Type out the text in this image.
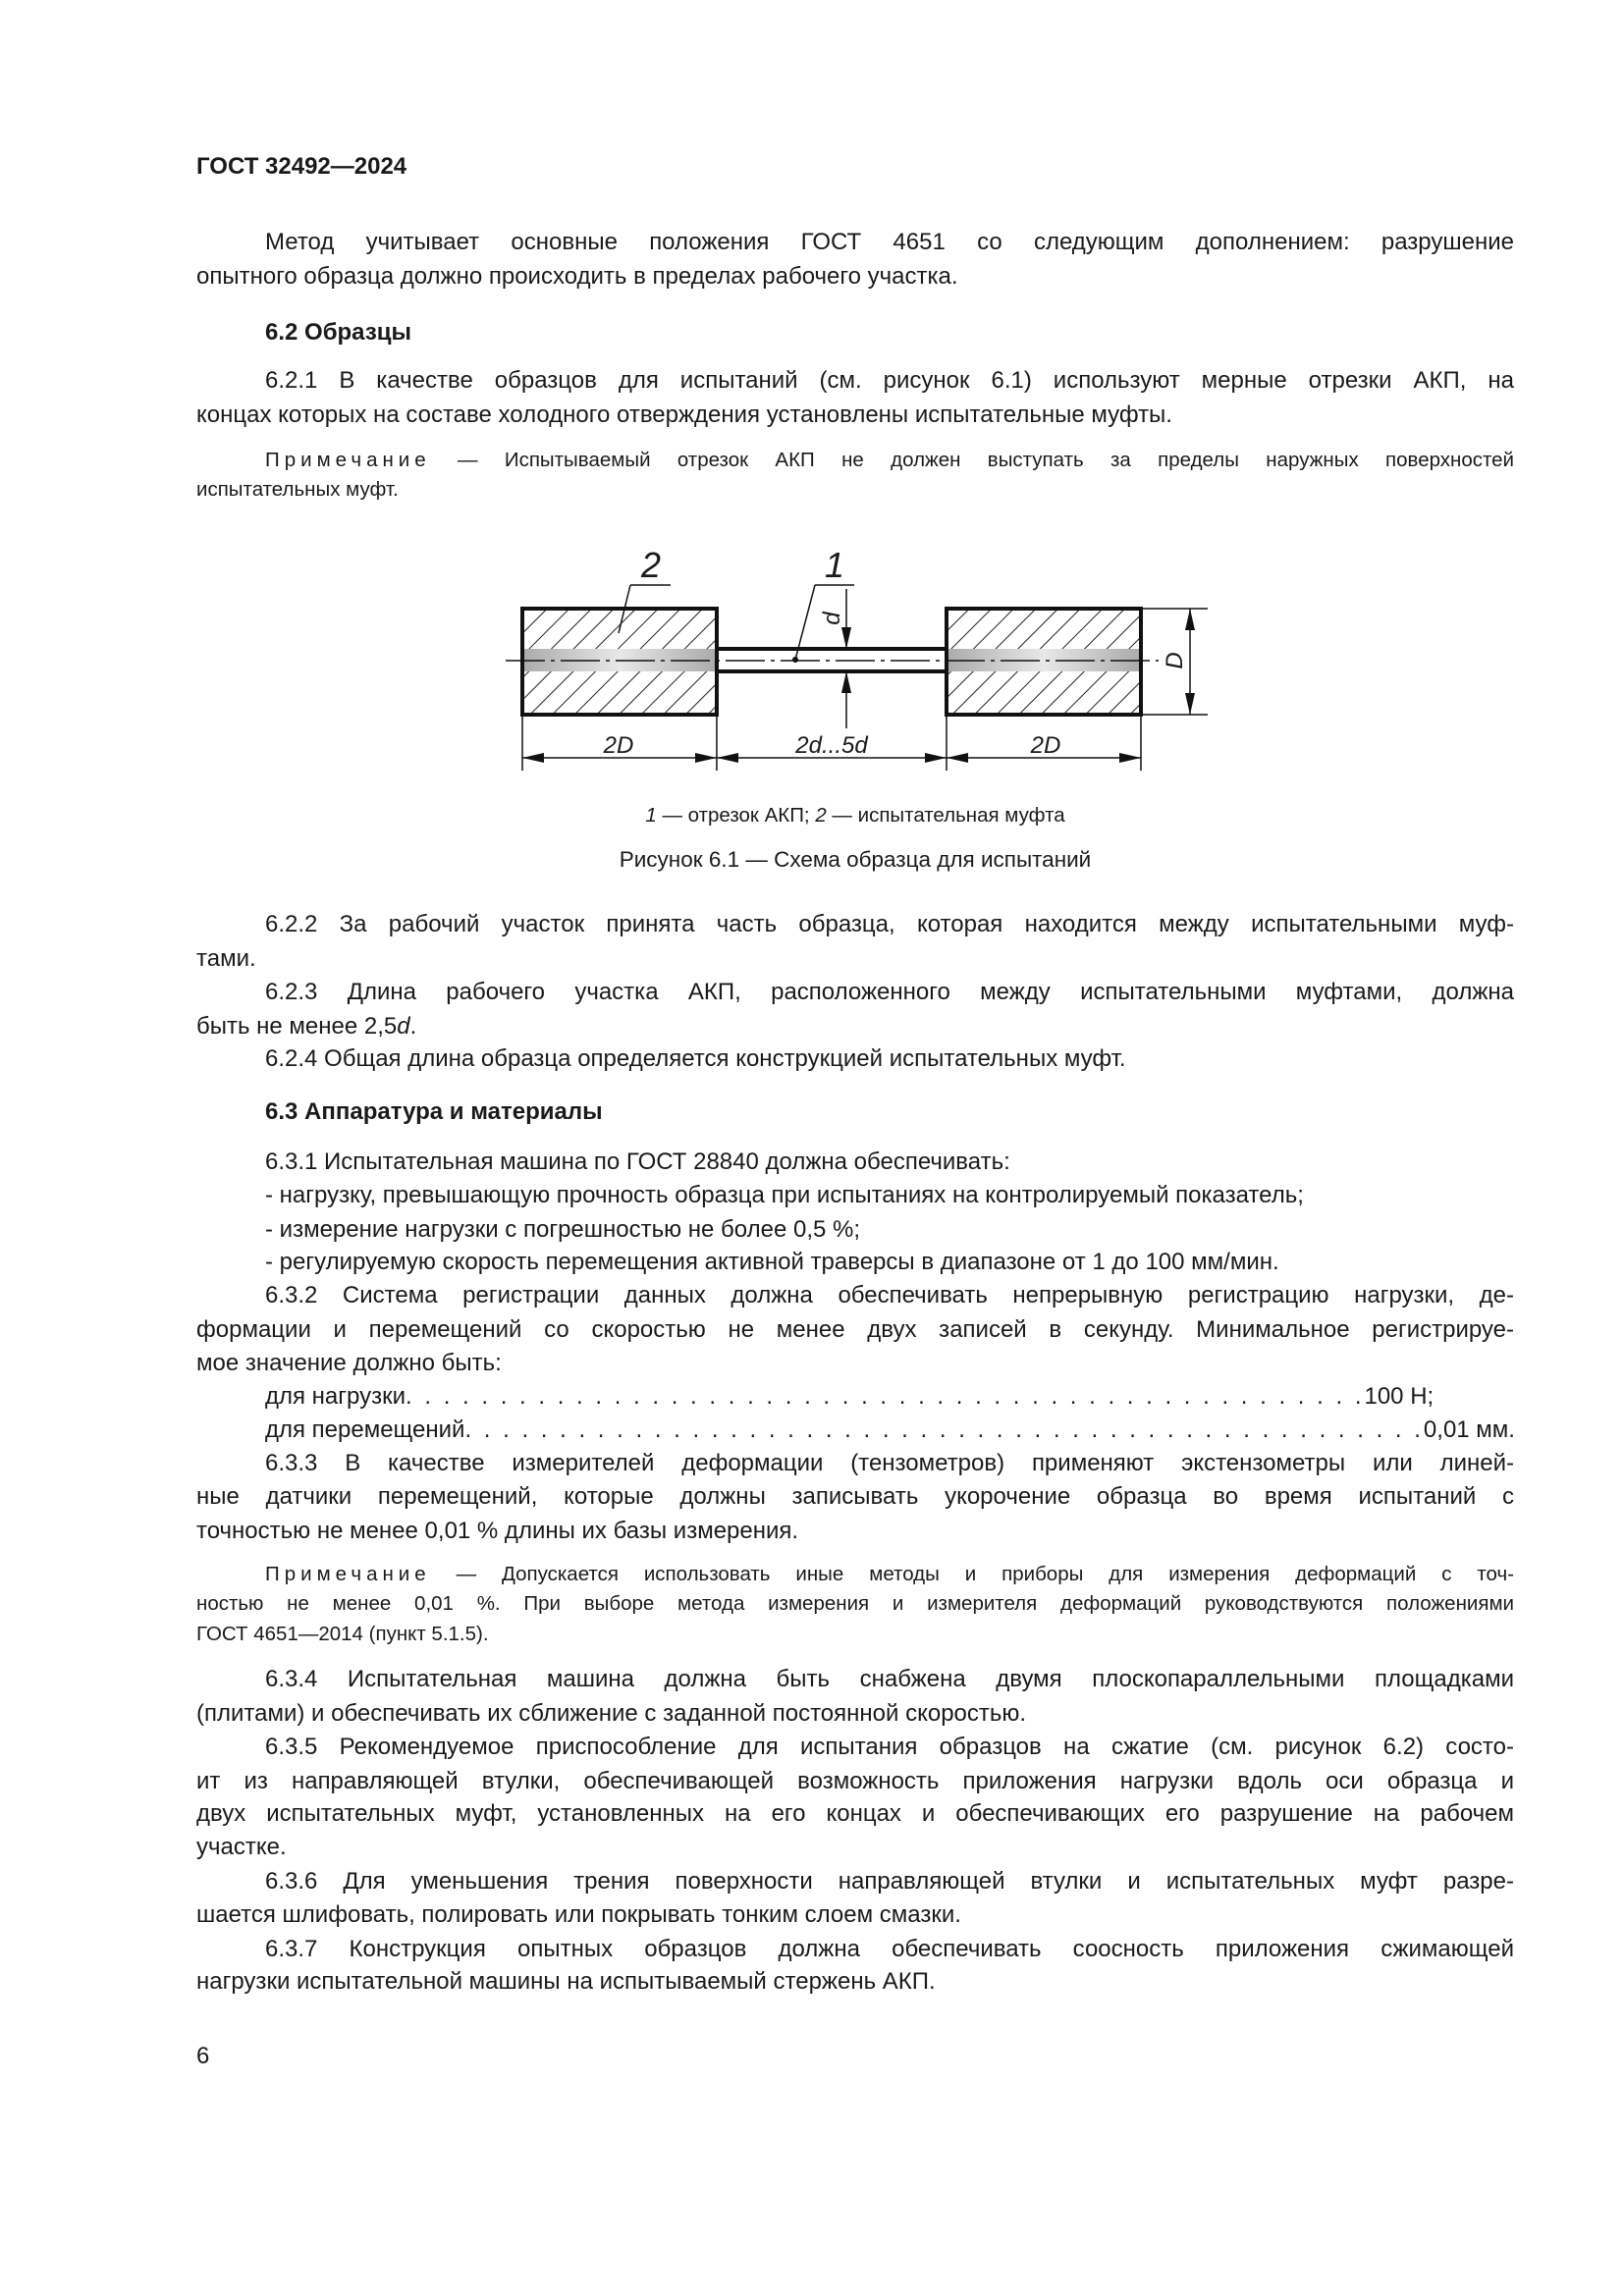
ГОСТ 32492—2024
Метод учитывает основные положения ГОСТ 4651 со следующим дополнением: разрушение
опытного образца должно происходить в пределах рабочего участка.
6.2 Образцы
6.2.1 В качестве образцов для испытаний (см. рисунок 6.1) используют мерные отрезки АКП, на
концах которых на составе холодного отверждения установлены испытательные муфты.
Примечание — Испытываемый отрезок АКП не должен выступать за пределы наружных поверхностей
испытательных муфт.
2	1
2D	2d...5d	2D
D
d
1 — отрезок АКП; 2 — испытательная муфта
Рисунок 6.1 — Схема образца для испытаний
6.2.2 За рабочий участок принята часть образца, которая находится между испытательными муф-
тами.
6.2.3 Длина рабочего участка АКП, расположенного между испытательными муфтами, должна
быть не менее 2,5d.
6.2.4 Общая длина образца определяется конструкцией испытательных муфт.
6.3 Аппаратура и материалы
6.3.1 Испытательная машина по ГОСТ 28840 должна обеспечивать:
- нагрузку, превышающую прочность образца при испытаниях на контролируемый показатель;
- измерение нагрузки с погрешностью не более 0,5 %;
- регулируемую скорость перемещения активной траверсы в диапазоне от 1 до 100 мм/мин.
6.3.2 Система регистрации данных должна обеспечивать непрерывную регистрацию нагрузки, де-
формации и перемещений со скоростью не менее двух записей в секунду. Минимальное регистрируе-
мое значение должно быть:
для нагрузки . . . . . . . . . . . . . . . . . . . . . . . . . . . . . . . . . . . . . . . . . . . . . . . . . . . 100 Н;
для перемещений . . . . . . . . . . . . . . . . . . . . . . . . . . . . . . . . . . . . . . . . . . . . . . . . . . . 0,01 мм.
6.3.3 В качестве измерителей деформации (тензометров) применяют экстензометры или линей-
ные датчики перемещений, которые должны записывать укорочение образца во время испытаний с
точностью не менее 0,01 % длины их базы измерения.
Примечание — Допускается использовать иные методы и приборы для измерения деформаций с точ-
ностью не менее 0,01 %. При выборе метода измерения и измерителя деформаций руководствуются положениями
ГОСТ 4651—2014 (пункт 5.1.5).
6.3.4 Испытательная машина должна быть снабжена двумя плоскопараллельными площадками
(плитами) и обеспечивать их сближение с заданной постоянной скоростью.
6.3.5 Рекомендуемое приспособление для испытания образцов на сжатие (см. рисунок 6.2) состо-
ит из направляющей втулки, обеспечивающей возможность приложения нагрузки вдоль оси образца и
двух испытательных муфт, установленных на его концах и обеспечивающих его разрушение на рабочем
участке.
6.3.6 Для уменьшения трения поверхности направляющей втулки и испытательных муфт разре-
шается шлифовать, полировать или покрывать тонким слоем смазки.
6.3.7 Конструкция опытных образцов должна обеспечивать соосность приложения сжимающей
нагрузки испытательной машины на испытываемый стержень АКП.
6
